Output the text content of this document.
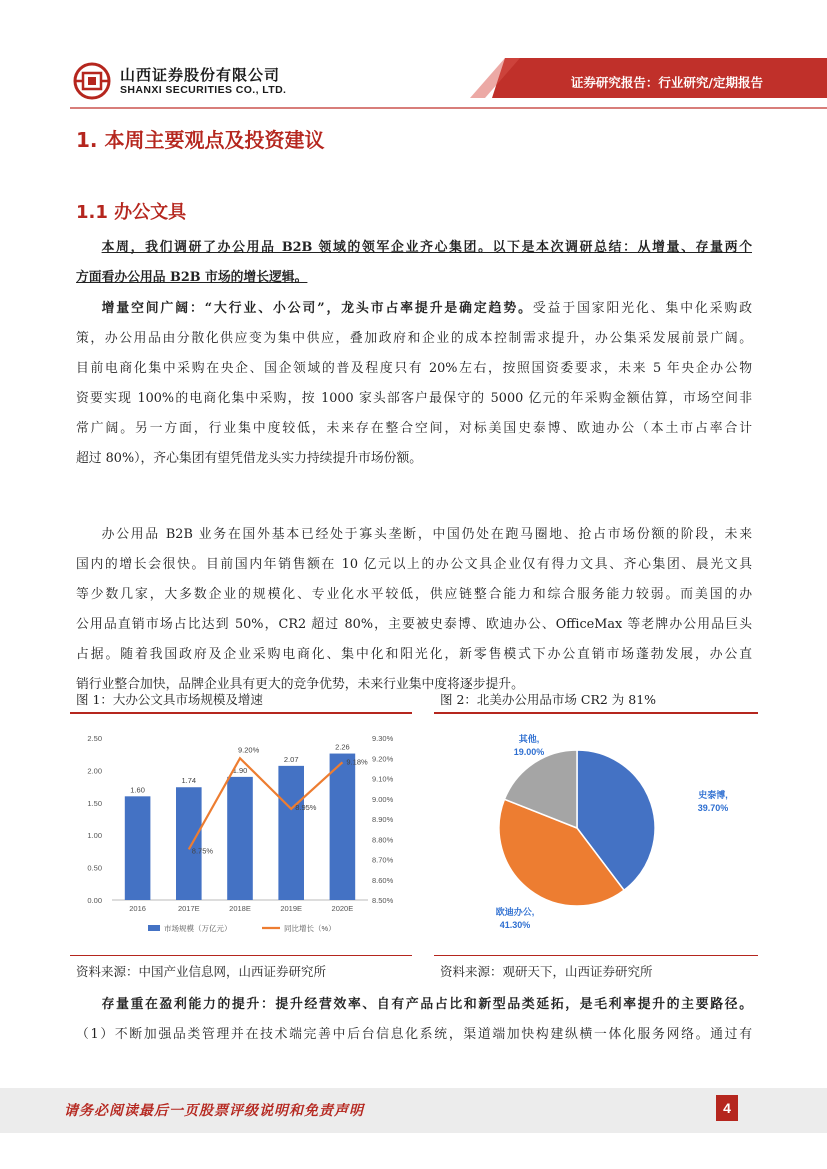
山西证券股份有限公司
SHANXI SECURITIES CO., LTD.	证券研究报告：行业研究/定期报告
1. 本周主要观点及投资建议
1.1 办公文具
本周，我们调研了办公用品 B2B 领域的领军企业齐心集团。以下是本次调研总结：从增量、存量两个
方面看办公用品 B2B 市场的增长逻辑。
增量空间广阔：“大行业、小公司”，龙头市占率提升是确定趋势。受益于国家阳光化、集中化采购政
策，办公用品由分散化供应变为集中供应，叠加政府和企业的成本控制需求提升，办公集采发展前景广阔。
目前电商化集中采购在央企、国企领域的普及程度只有 20%左右，按照国资委要求，未来 5 年央企办公物
资要实现 100%的电商化集中采购，按 1000 家头部客户最保守的 5000 亿元的年采购金额估算，市场空间非
常广阔。另一方面，行业集中度较低，未来存在整合空间，对标美国史泰博、欧迪办公（本土市占率合计
超过 80%），齐心集团有望凭借龙头实力持续提升市场份额。
办公用品 B2B 业务在国外基本已经处于寡头垄断，中国仍处在跑马圈地、抢占市场份额的阶段，未来
国内的增长会很快。目前国内年销售额在 10 亿元以上的办公文具企业仅有得力文具、齐心集团、晨光文具
等少数几家，大多数企业的规模化、专业化水平较低，供应链整合能力和综合服务能力较弱。而美国的办
公用品直销市场占比达到 50%，CR2 超过 80%，主要被史泰博、欧迪办公、OfficeMax 等老牌办公用品巨头
占据。随着我国政府及企业采购电商化、集中化和阳光化，新零售模式下办公直销市场蓬勃发展，办公直
销行业整合加快，品牌企业具有更大的竞争优势，未来行业集中度将逐步提升。
图 1：大办公文具市场规模及增速	图 2：北美办公用品市场 CR2 为 81%
0.00
0.50
1.00
1.50
2.00
2.50
8.50%
8.60%
8.70%
8.80%
8.90%
9.00%
9.10%
9.20%
9.30%
1.60
2016
1.74
2017E
1.90
2018E
2.07
2019E
2.26
2020E
8.75%
9.20%
8.95%
9.18%
市场规模（万亿元）	同比增长（%）
史泰博,
39.70%
欧迪办公,
41.30%
其他,
19.00%
资料来源：中国产业信息网，山西证券研究所	资料来源：观研天下，山西证券研究所
存量重在盈利能力的提升：提升经营效率、自有产品占比和新型品类延拓，是毛利率提升的主要路径。
（1）不断加强品类管理并在技术端完善中后台信息化系统，渠道端加快构建纵横一体化服务网络。通过有
请务必阅读最后一页股票评级说明和免责声明	4
